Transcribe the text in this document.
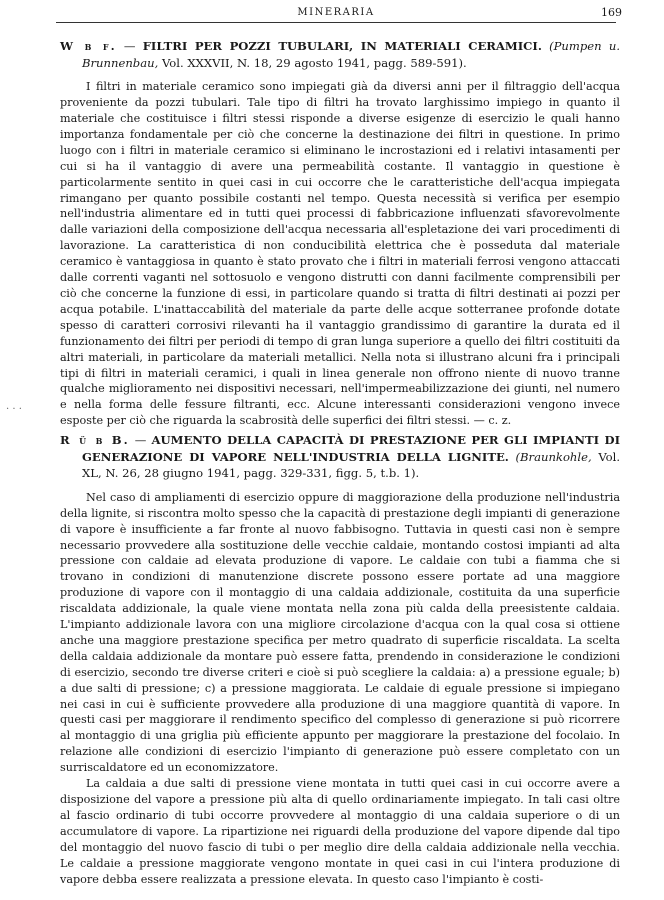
MINERARIA	169
. . .

W b f. — FILTRI PER POZZI TUBULARI, IN MATERIALI CERAMICI. (Pumpen u. Brunnenbau, Vol. XXXVII, N. 18, 29 agosto 1941, pagg. 589-591).

I filtri in materiale ceramico sono impiegati già da diversi anni per il filtraggio dell'acqua proveniente da pozzi tubulari. Tale tipo di filtri ha trovato larghissimo impiego in quanto il materiale che costituisce i filtri stessi risponde a diverse esigenze di esercizio le quali hanno importanza fondamentale per ciò che concerne la destinazione dei filtri in questione. In primo luogo con i filtri in materiale ceramico si eliminano le incrostazioni ed i relativi intasamenti per cui si ha il vantaggio di avere una permeabilità costante. Il vantaggio in questione è particolarmente sentito in quei casi in cui occorre che le caratteristiche dell'acqua impiegata rimangano per quanto possibile costanti nel tempo. Questa necessità si verifica per esempio nell'industria alimentare ed in tutti quei processi di fabbricazione influenzati sfavorevolmente dalle variazioni della composizione dell'acqua necessaria all'espletazione dei vari procedimenti di lavorazione. La caratteristica di non conducibilità elettrica che è posseduta dal materiale ceramico è vantaggiosa in quanto è stato provato che i filtri in materiali ferrosi vengono attaccati dalle correnti vaganti nel sottosuolo e vengono distrutti con danni facilmente comprensibili per ciò che concerne la funzione di essi, in particolare quando si tratta di filtri destinati ai pozzi per acqua potabile. L'inattaccabilità del materiale da parte delle acque sotterranee profonde dotate spesso di caratteri corrosivi rilevanti ha il vantaggio grandissimo di garantire la durata ed il funzionamento dei filtri per periodi di tempo di gran lunga superiore a quello dei filtri costituiti da altri materiali, in particolare da materiali metallici. Nella nota si illustrano alcuni fra i principali tipi di filtri in materiali ceramici, i quali in linea generale non offrono niente di nuovo tranne qualche miglioramento nei dispositivi necessari, nell'impermeabilizzazione dei giunti, nel numero e nella forma delle fessure filtranti, ecc. Alcune interessanti considerazioni vengono invece esposte per ciò che riguarda la scabrosità delle superfici dei filtri stessi. — c. z.

R ü b B. — AUMENTO DELLA CAPACITÀ DI PRESTAZIONE PER GLI IMPIANTI DI GENERAZIONE DI VAPORE NELL'INDUSTRIA DELLA LIGNITE. (Braunkohle, Vol. XL, N. 26, 28 giugno 1941, pagg. 329-331, figg. 5, t.b. 1).

Nel caso di ampliamenti di esercizio oppure di maggiorazione della produzione nell'industria della lignite, si riscontra molto spesso che la capacità di prestazione degli impianti di generazione di vapore è insufficiente a far fronte al nuovo fabbisogno. Tuttavia in questi casi non è sempre necessario provvedere alla sostituzione delle vecchie caldaie, montando costosi impianti ad alta pressione con caldaie ad elevata produzione di vapore. Le caldaie con tubi a fiamma che si trovano in condizioni di manutenzione discrete possono essere portate ad una maggiore produzione di vapore con il montaggio di una caldaia addizionale, costituita da una superficie riscaldata addizionale, la quale viene montata nella zona più calda della preesistente caldaia. L'impianto addizionale lavora con una migliore circolazione d'acqua con la qual cosa si ottiene anche una maggiore prestazione specifica per metro quadrato di superficie riscaldata. La scelta della caldaia addizionale da montare può essere fatta, prendendo in considerazione le condizioni di esercizio, secondo tre diverse criteri e cioè si può scegliere la caldaia: a) a pressione eguale; b) a due salti di pressione; c) a pressione maggiorata. Le caldaie di eguale pressione si impiegano nei casi in cui è sufficiente provvedere alla produzione di una maggiore quantità di vapore. In questi casi per maggiorare il rendimento specifico del complesso di generazione si può ricorrere al montaggio di una griglia più efficiente appunto per maggiorare la prestazione del focolaio. In relazione alle condizioni di esercizio l'impianto di generazione può essere completato con un surriscaldatore ed un economizzatore.

La caldaia a due salti di pressione viene montata in tutti quei casi in cui occorre avere a disposizione del vapore a pressione più alta di quello ordinariamente impiegato. In tali casi oltre al fascio ordinario di tubi occorre provvedere al montaggio di una caldaia superiore o di un accumulatore di vapore. La ripartizione nei riguardi della produzione del vapore dipende dal tipo del montaggio del nuovo fascio di tubi o per meglio dire della caldaia addizionale nella vecchia. Le caldaie a pressione maggiorate vengono montate in quei casi in cui l'intera produzione di vapore debba essere realizzata a pressione elevata. In questo caso l'impianto è costi-
